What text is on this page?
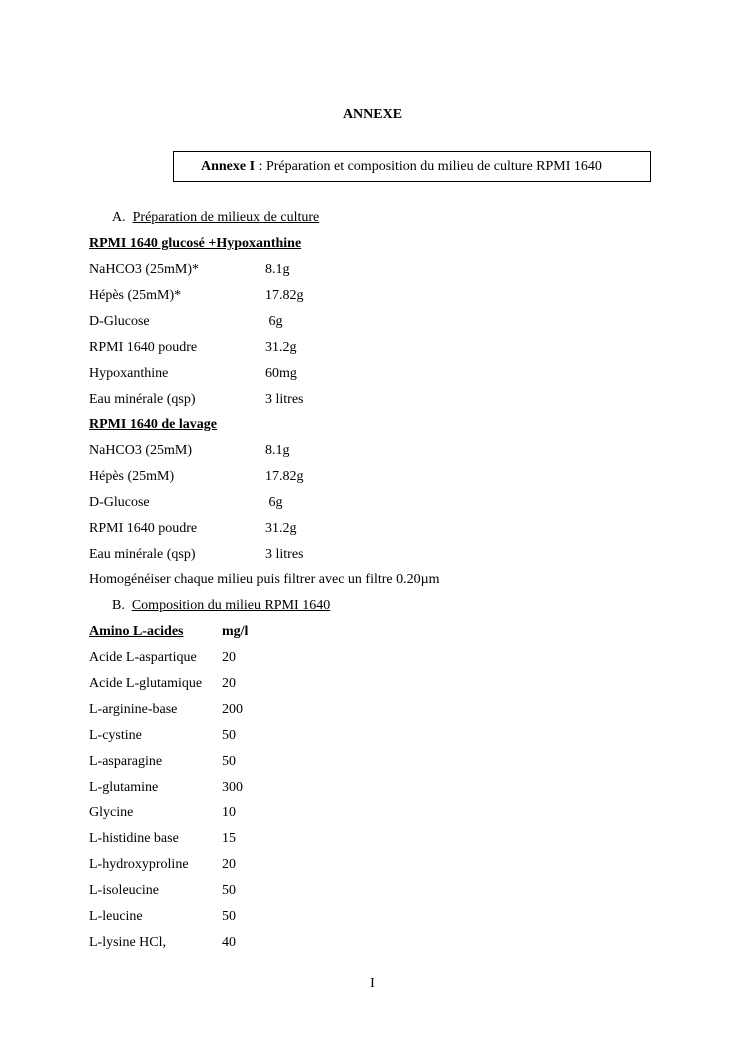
ANNEXE
Annexe I : Préparation et composition du milieu de culture RPMI 1640
A. Préparation de milieux de culture
RPMI 1640 glucosé +Hypoxanthine
NaHCO3 (25mM)*	8.1g
Hépès (25mM)*	17.82g
D-Glucose	6g
RPMI 1640 poudre	31.2g
Hypoxanthine	60mg
Eau minérale (qsp)	3 litres
RPMI 1640 de lavage
NaHCO3 (25mM)	8.1g
Hépès (25mM)	17.82g
D-Glucose	6g
RPMI 1640 poudre	31.2g
Eau minérale (qsp)	3 litres
Homogénéiser chaque milieu puis filtrer avec un filtre 0.20µm
B. Composition du milieu RPMI 1640
Amino L-acides	mg/l
Acide L-aspartique 20
Acide L-glutamique 20
L-arginine-base	200
L-cystine	50
L-asparagine	50
L-glutamine	300
Glycine	10
L-histidine base	15
L-hydroxyproline 20
L-isoleucine	50
L-leucine	50
L-lysine HCl,	40
I
